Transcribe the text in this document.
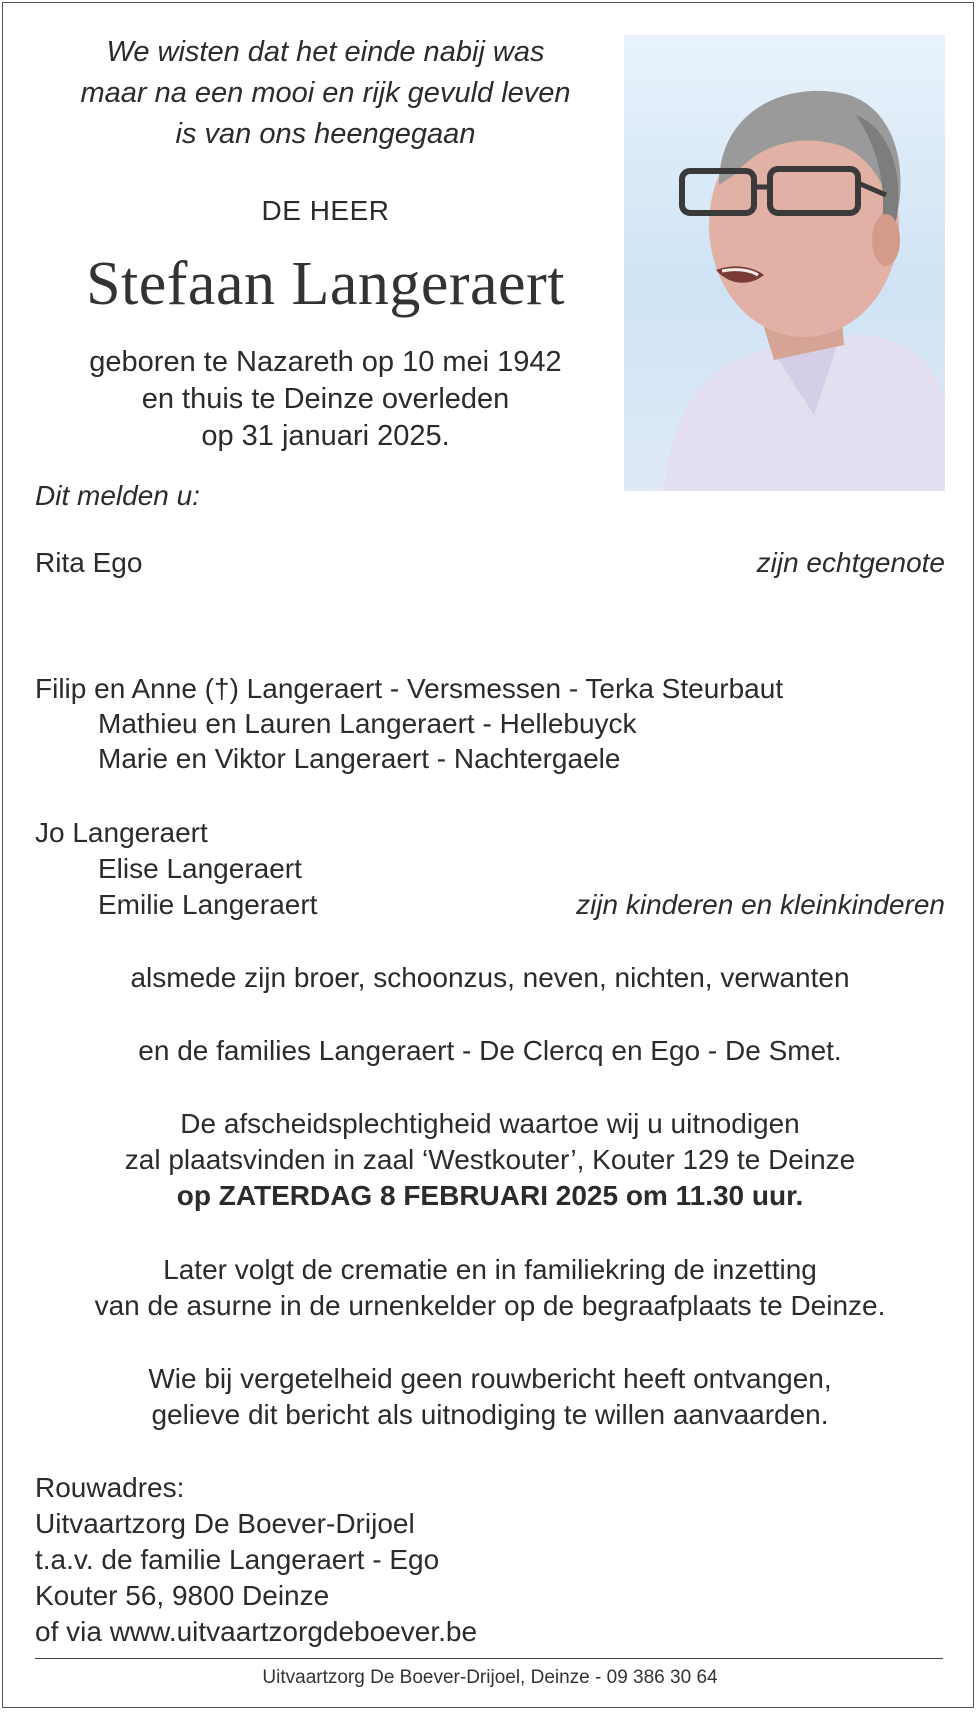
We wisten dat het einde nabij was
maar na een mooi en rijk gevuld leven
is van ons heengegaan
DE HEER
Stefaan Langeraert
geboren te Nazareth op 10 mei 1942
en thuis te Deinze overleden
op 31 januari 2025.
Dit melden u:
Rita Ego	zijn echtgenote
Filip en Anne (†) Langeraert - Versmessen - Terka Steurbaut
Mathieu en Lauren Langeraert - Hellebuyck
Marie en Viktor Langeraert - Nachtergaele
Jo Langeraert
Elise Langeraert
Emilie Langeraert	zijn kinderen en kleinkinderen
alsmede zijn broer, schoonzus, neven, nichten, verwanten
en de families Langeraert - De Clercq en Ego - De Smet.
De afscheidsplechtigheid waartoe wij u uitnodigen
zal plaatsvinden in zaal ‘Westkouter’, Kouter 129 te Deinze
op ZATERDAG 8 FEBRUARI 2025 om 11.30 uur.
Later volgt de crematie en in familiekring de inzetting
van de asurne in de urnenkelder op de begraafplaats te Deinze.
Wie bij vergetelheid geen rouwbericht heeft ontvangen,
gelieve dit bericht als uitnodiging te willen aanvaarden.
Rouwadres:
Uitvaartzorg De Boever-Drijoel
t.a.v. de familie Langeraert - Ego
Kouter 56, 9800 Deinze
of via www.uitvaartzorgdeboever.be
Uitvaartzorg De Boever-Drijoel, Deinze - 09 386 30 64
